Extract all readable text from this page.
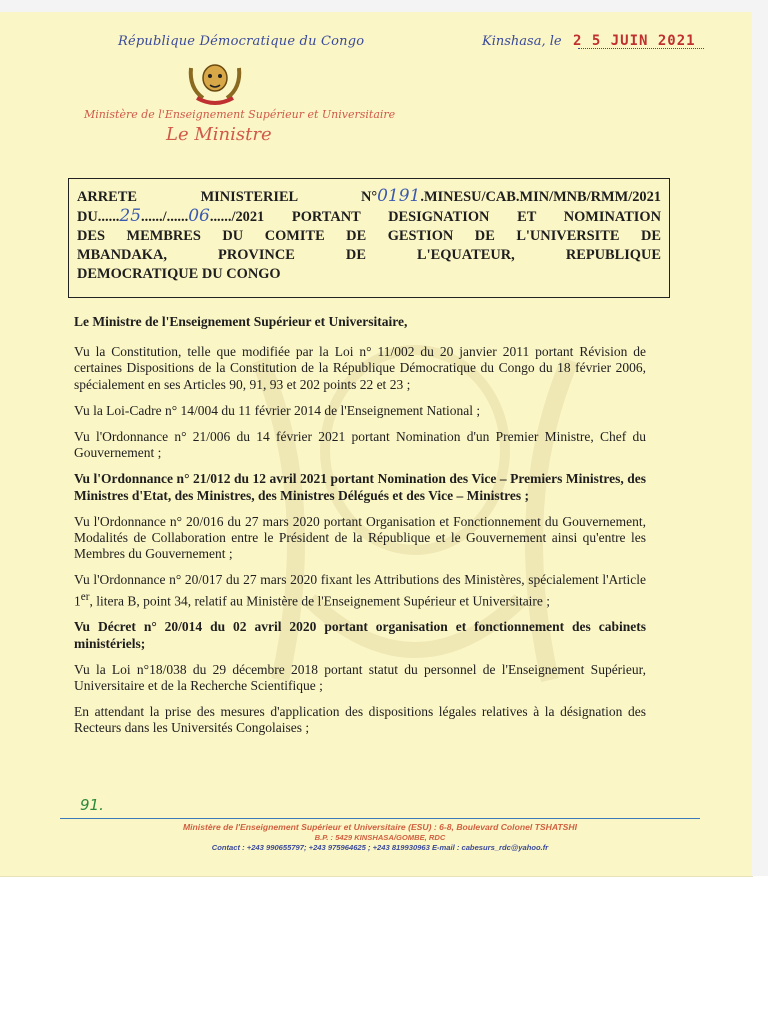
République Démocratique du Congo	Kinshasa, le 2 5 JUIN 2021
Ministère de l'Enseignement Supérieur et Universitaire
Le Ministre

ARRETE MINISTERIEL N°0191.MINESU/CAB.MIN/MNB/RMM/2021

DU......25....../......06....../2021 PORTANT DESIGNATION ET NOMINATION

DES MEMBRES DU COMITE DE GESTION DE L'UNIVERSITE DE

MBANDAKA, PROVINCE DE L'EQUATEUR, REPUBLIQUE

DEMOCRATIQUE DU CONGO

Le Ministre de l'Enseignement Supérieur et Universitaire,

Vu la Constitution, telle que modifiée par la Loi n° 11/002 du 20 janvier 2011 portant Révision de certaines Dispositions de la Constitution de la République Démocratique du Congo du 18 février 2006, spécialement en ses Articles 90, 91, 93 et 202 points 22 et 23 ;

Vu la Loi-Cadre n° 14/004 du 11 février 2014 de l'Enseignement National ;

Vu l'Ordonnance n° 21/006 du 14 février 2021 portant Nomination d'un Premier Ministre, Chef du Gouvernement ;

Vu l'Ordonnance n° 21/012 du 12 avril 2021 portant Nomination des Vice – Premiers Ministres, des Ministres d'Etat, des Ministres, des Ministres Délégués et des Vice – Ministres ;

Vu l'Ordonnance n° 20/016 du 27 mars 2020 portant Organisation et Fonctionnement du Gouvernement, Modalités de Collaboration entre le Président de la République et le Gouvernement ainsi qu'entre les Membres du Gouvernement ;

Vu l'Ordonnance n° 20/017 du 27 mars 2020 fixant les Attributions des Ministères, spécialement l'Article 1er, litera B, point 34, relatif au Ministère de l'Enseignement Supérieur et Universitaire ;

Vu Décret n° 20/014 du 02 avril 2020 portant organisation et fonctionnement des cabinets ministériels;

Vu la Loi n°18/038 du 29 décembre 2018 portant statut du personnel de l'Enseignement Supérieur, Universitaire et de la Recherche Scientifique ;

En attendant la prise des mesures d'application des dispositions légales relatives à la désignation des Recteurs dans les Universités Congolaises ;

91.
Ministère de l'Enseignement Supérieur et Universitaire (ESU) : 6-8, Boulevard Colonel TSHATSHI
B.P. : 5429 KINSHASA/GOMBE, RDC
Contact : +243 990655797; +243 975964625 ; +243 819930963 E-mail : cabesurs_rdc@yahoo.fr
